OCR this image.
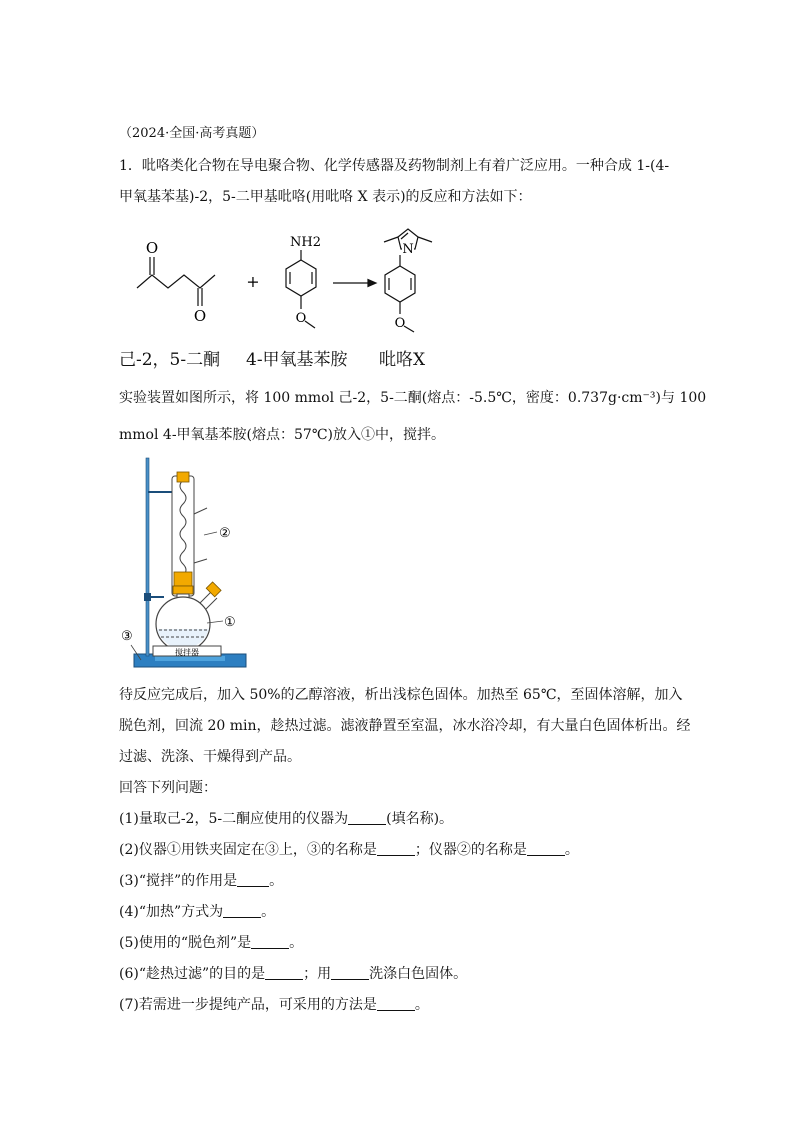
（2024·全国·高考真题）
1．吡咯类化合物在导电聚合物、化学传感器及药物制剂上有着广泛应用。一种合成 1-(4-
甲氧基苯基)-2，5-二甲基吡咯(用吡咯 X 表示)的反应和方法如下：
O
O
+
NH2
O
N
O
己-2，5-二酮 4-甲氧基苯胺 吡咯X
实验装置如图所示，将 100 mmol 己-2，5-二酮(熔点：-5.5℃，密度：0.737g·cm⁻³)与 100
mmol 4-甲氧基苯胺(熔点：57℃)放入①中，搅拌。
搅拌器
②
①
③
待反应完成后，加入 50%的乙醇溶液，析出浅棕色固体。加热至 65℃，至固体溶解，加入
脱色剂，回流 20 min，趁热过滤。滤液静置至室温，冰水浴冷却，有大量白色固体析出。经
过滤、洗涤、干燥得到产品。
回答下列问题：
(1)量取己-2，5-二酮应使用的仪器为	(填名称)。
(2)仪器①用铁夹固定在③上，③的名称是	；仪器②的名称是	。
(3)“搅拌”的作用是 。
(4)“加热”方式为	。
(5)使用的“脱色剂”是	。
(6)“趁热过滤”的目的是	；用	洗涤白色固体。
(7)若需进一步提纯产品，可采用的方法是	。
